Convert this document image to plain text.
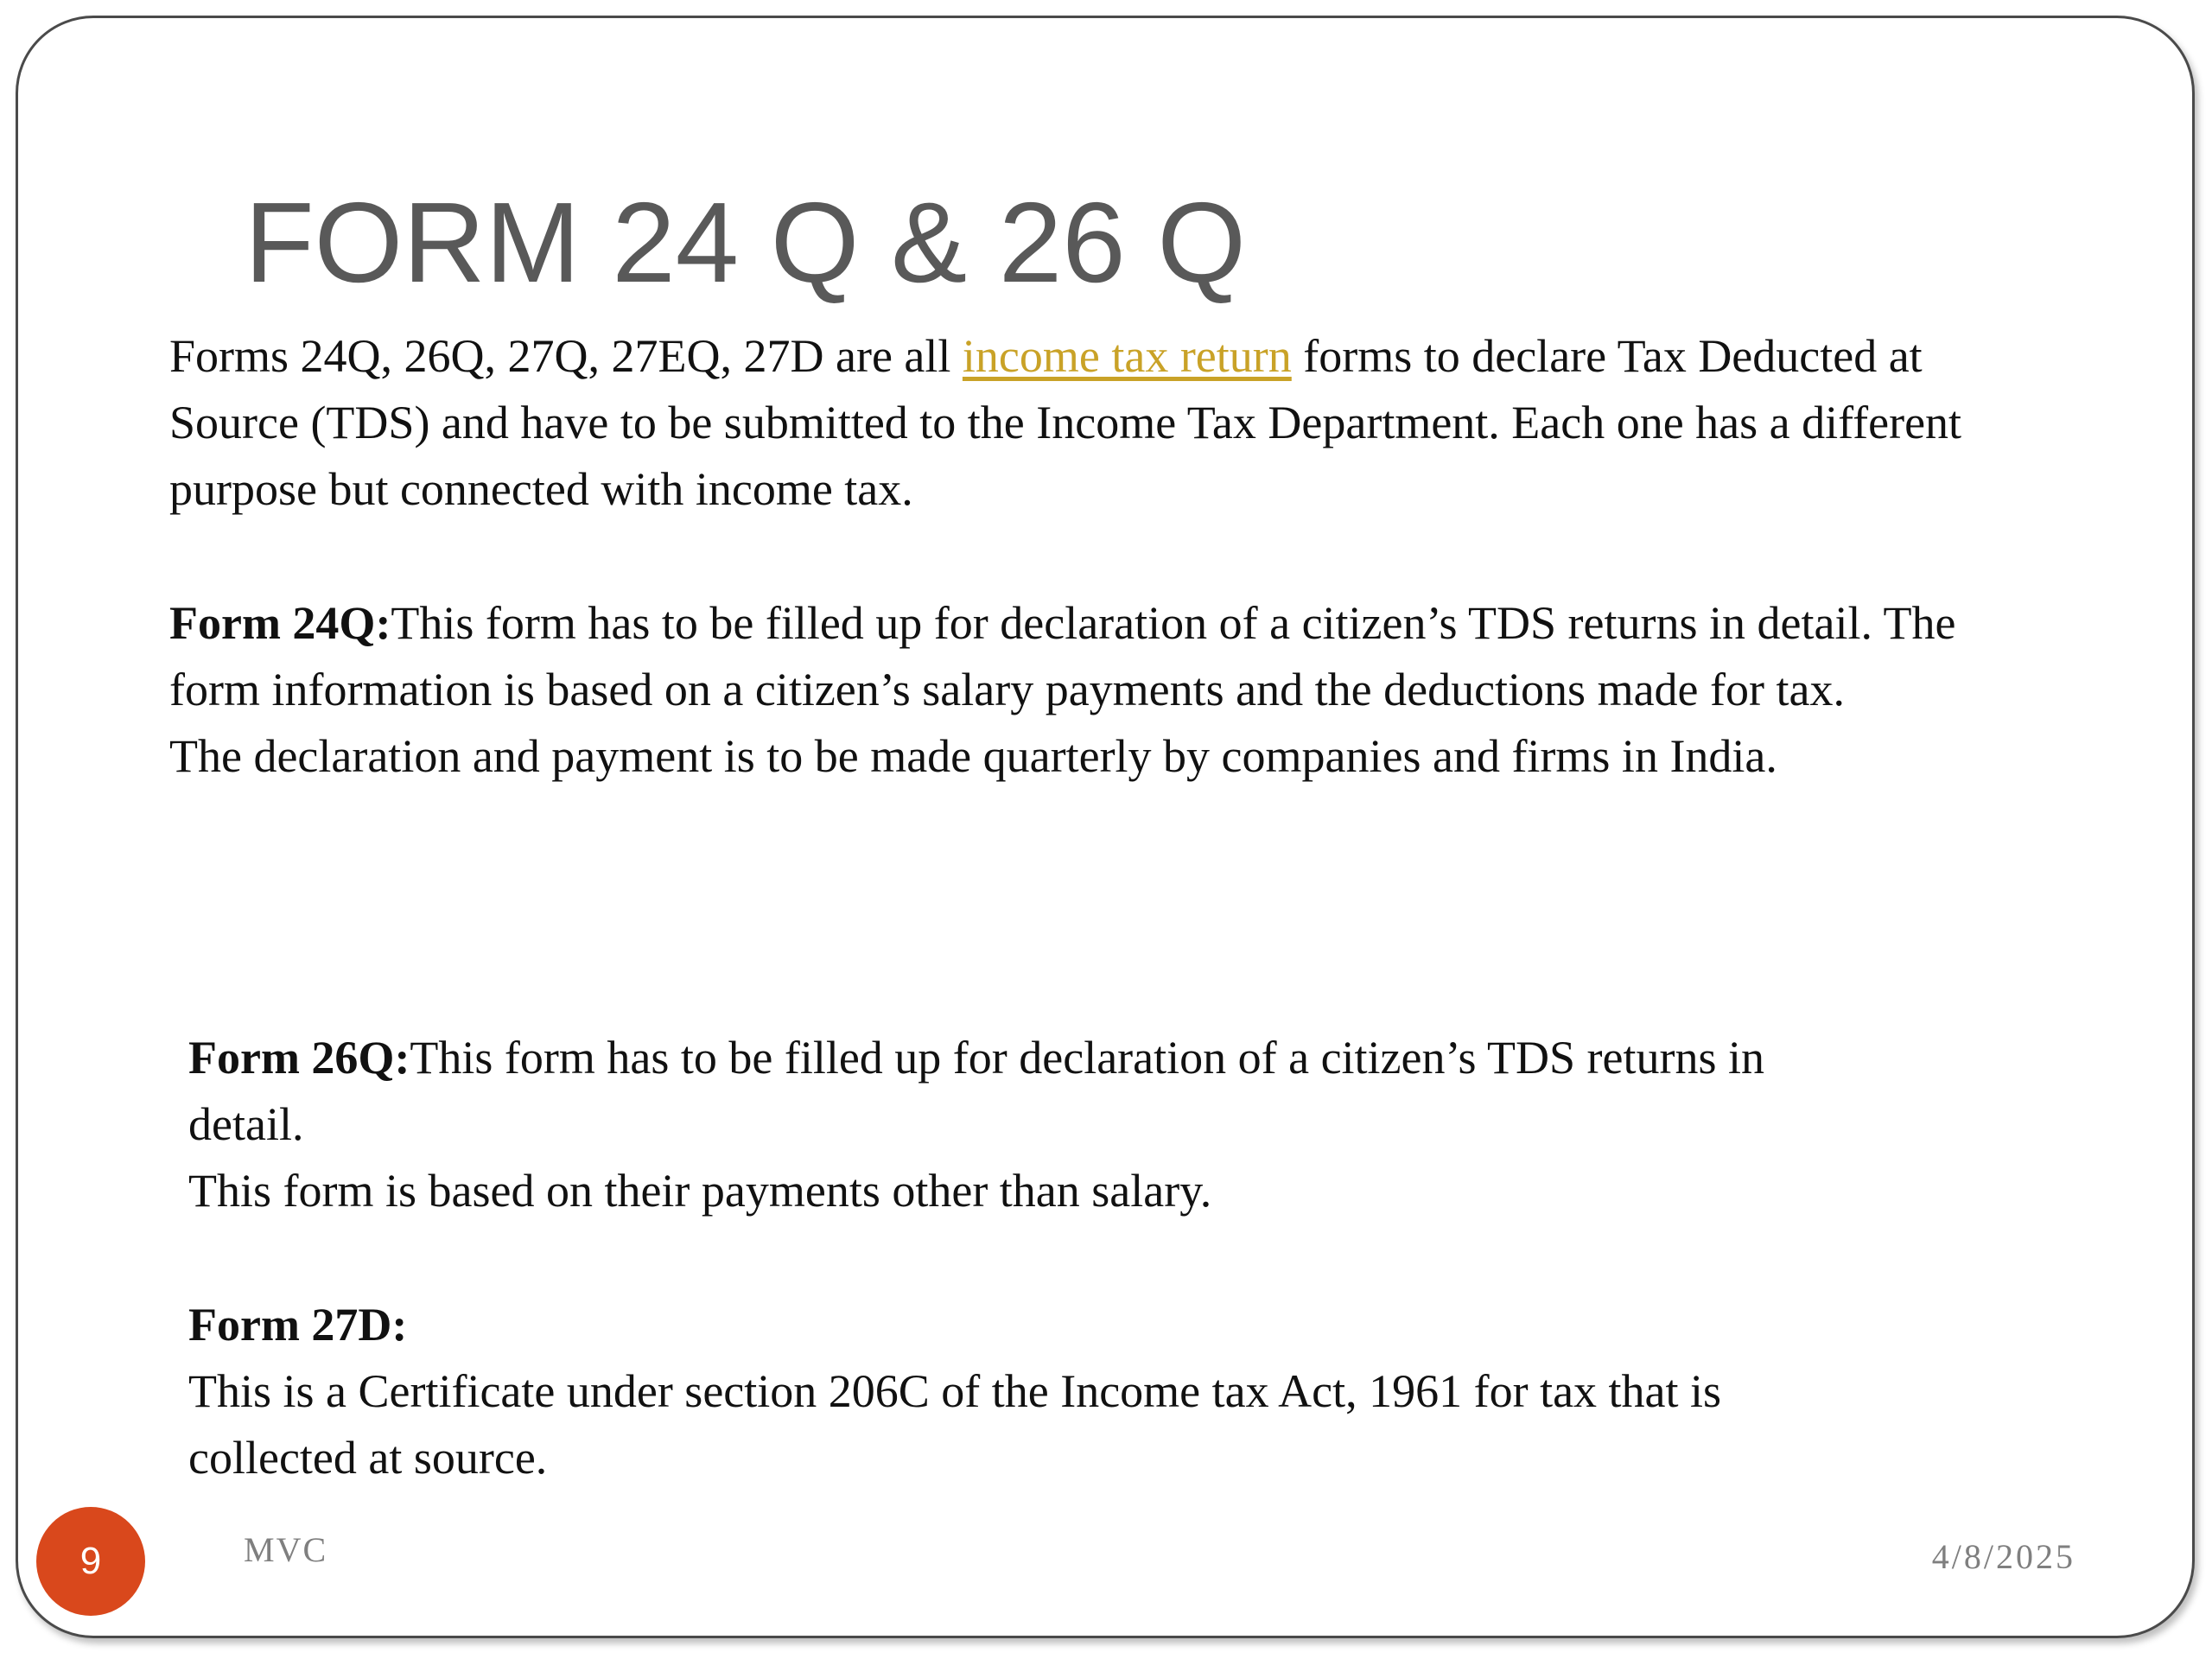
FORM 24 Q & 26 Q
Forms 24Q, 26Q, 27Q, 27EQ, 27D are all income tax return forms to declare Tax Deducted at
Source (TDS) and have to be submitted to the Income Tax Department. Each one has a different
purpose but connected with income tax.
Form 24Q:This form has to be filled up for declaration of a citizen’s TDS returns in detail. The
form information is based on a citizen’s salary payments and the deductions made for tax.
The declaration and payment is to be made quarterly by companies and firms in India.
Form 26Q:This form has to be filled up for declaration of a citizen’s TDS returns in
detail.
This form is based on their payments other than salary.
Form 27D:
This is a Certificate under section 206C of the Income tax Act, 1961 for tax that is
collected at source.
9	MVC	4/8/2025
